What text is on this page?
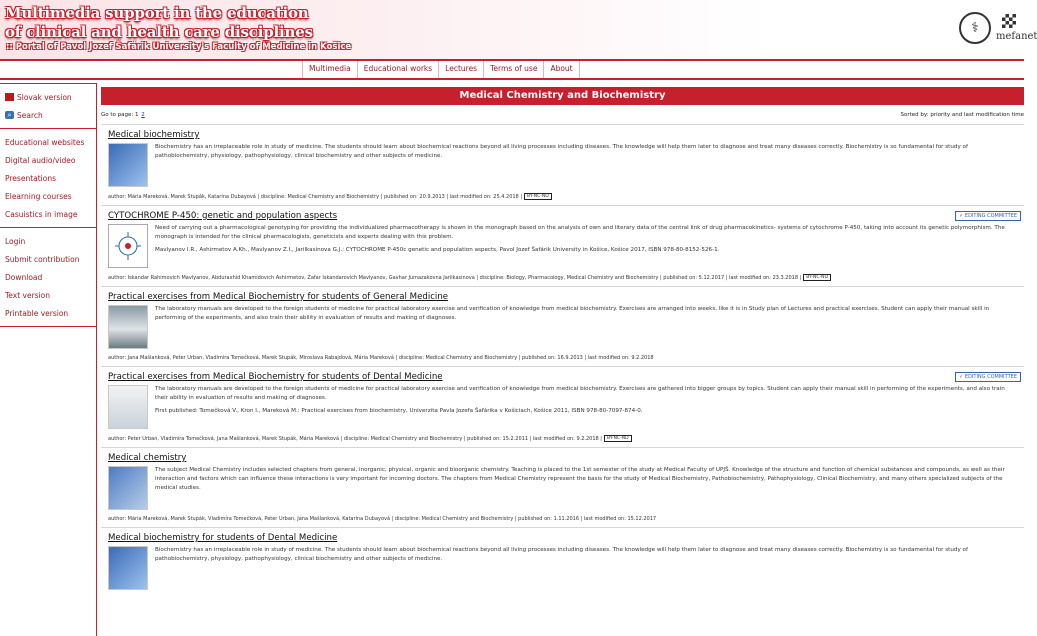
Multimedia support in the education
of clinical and health care disciplines
:: Portal of Pavol Jozef Šafárik University's Faculty of Medicine in Košice
⚕
mefanet
Multimedia	Educational works	Lectures	Terms of use	About
Slovak version
⌕ Search
Educational websites
Digital audio/video
Presentations
Elearning courses
Casuistics in image
Login
Submit contribution
Download
Text version
Printable version
Medical Chemistry and Biochemistry
Go to page: 1 2	Sorted by: priority and last modification time
Medical biochemistry
Biochemistry has an irreplaceable role in study of medicine. The students should learn about biochemical reactions beyond all living processes including diseases. The knowledge will help them later to diagnose and treat many diseases correctly. Biochemistry is so fundamental for study of pathobiochemistry, physiology, pathophysiology, clinical biochemistry and other subjects of medicine.
author: Mária Mareková, Marek Stupák, Katarína Dubayová | discipline: Medical Chemistry and Biochemistry | published on: 20.9.2013 | last modified on: 25.4.2018 | BY-NC-ND
✓ EDITING COMMITTEE
CYTOCHROME P-450: genetic and population aspects
Need of carrying out a pharmacological genotyping for providing the individualized pharmacotherapy is shown in the monograph based on the analysis of own and literary data of the central link of drug pharmacokinetics- systems of cytochrome P-450, taking into account its genetic polymorphism. The monograph is intended for the clinical pharmacologists, geneticists and experts dealing with this problem.
Mavlyanov I.R., Ashirmetov A.Kh., Mavlyanov Z.I., Jarilkasinova G.J.: CYTOCHROME P-450c genetic and population aspects, Pavol Jozef Šafárik University in Košice, Košice 2017, ISBN 978-80-8152-526-1.
author: Iskandar Rahimovich Mavlyanov, Abduraxhid Khamidovich Ashirmetov, Zafar Iskandarovich Mavlyanov, Gavhar Jumazakovna Jarilkasinova | discipline: Biology, Pharmacology, Medical Chemistry and Biochemistry | published on: 5.12.2017 | last modified on: 23.3.2018 | BY-NC-ND
Practical exercises from Medical Biochemistry for students of General Medicine
The laboratory manuals are developed to the foreign students of medicine for practical laboratory exercise and verification of knowledge from medical biochemistry. Exercises are arranged into weeks, like it is in Study plan of Lectures and practical exercises. Student can apply their manual skill in performing of the experiments, and also train their ability in evaluation of results and making of diagnoses.
author: Jana Mašlanková, Peter Urban, Vladimíra Tomečková, Marek Stupák, Miroslava Rabajdová, Mária Mareková | discipline: Medical Chemistry and Biochemistry | published on: 16.9.2013 | last modified on: 9.2.2018
✓ EDITING COMMITTEE
Practical exercises from Medical Biochemistry for students of Dental Medicine
The laboratory manuals are developed to the foreign students of medicine for practical laboratory exercise and verification of knowledge from medical biochemistry. Exercises are gathered into bigger groups by topics. Student can apply their manual skill in performing of the experiments, and also train their ability in evaluation of results and making of diagnoses.
First published: Tomečková V., Kron I., Mareková M.: Practical exercises from biochemistry, Univerzita Pavla Jozefa Šafárika v Košiciach, Košice 2011, ISBN 978-80-7097-874-0.
author: Peter Urban, Vladimíra Tomečková, Jana Mašlanková, Marek Stupák, Mária Mareková | discipline: Medical Chemistry and Biochemistry | published on: 15.2.2011 | last modified on: 9.2.2018 | BY-NC-ND
Medical chemistry
The subject Medical Chemistry includes selected chapters from general, inorganic, physical, organic and bioorganic chemistry. Teaching is placed to the 1st semester of the study at Medical Faculty of UPJŠ. Knowledge of the structure and function of chemical substances and compounds, as well as their interaction and factors which can influence these interactions is very important for incoming doctors. The chapters from Medical Chemistry represent the basis for the study of Medical Biochemistry, Pathobiochemistry, Pathophysiology, Clinical Biochemistry, and many others specialized subjects of the medical studies.
author: Mária Mareková, Marek Stupák, Vladimíra Tomečková, Peter Urban, Jana Mašlanková, Katarína Dubayová | discipline: Medical Chemistry and Biochemistry | published on: 1.11.2016 | last modified on: 15.12.2017
Medical biochemistry for students of Dental Medicine
Biochemistry has an irreplaceable role in study of medicine. The students should learn about biochemical reactions beyond all living processes including diseases. The knowledge will help them later to diagnose and treat many diseases correctly. Biochemistry is so fundamental for study of pathobiochemistry, physiology, pathophysiology, clinical biochemistry and other subjects of medicine.
